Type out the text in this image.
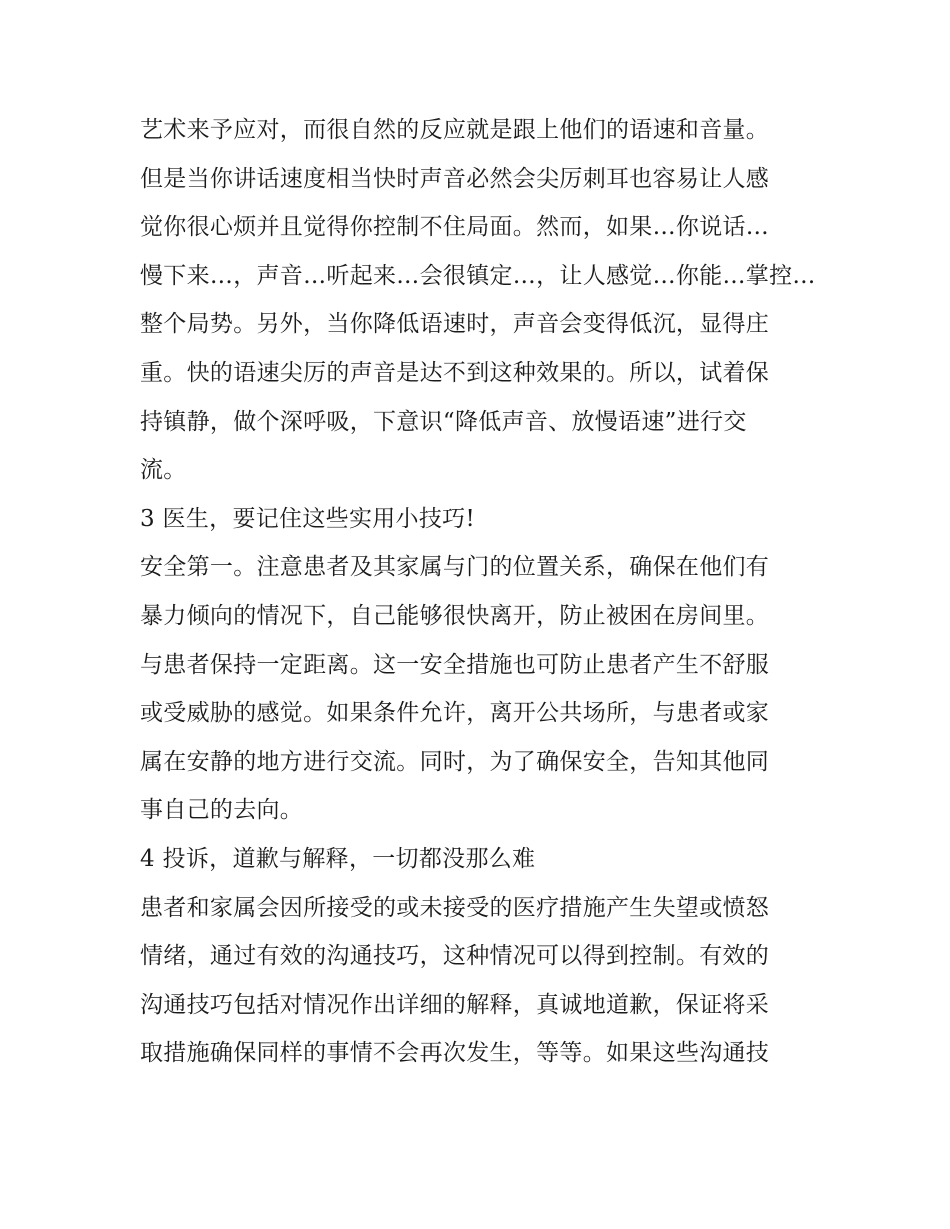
艺术来予应对，而很自然的反应就是跟上他们的语速和音量。
但是当你讲话速度相当快时声音必然会尖厉刺耳也容易让人感
觉你很心烦并且觉得你控制不住局面。然而，如果…你说话…
慢下来…，声音…听起来…会很镇定…，让人感觉…你能…掌控…
整个局势。另外，当你降低语速时，声音会变得低沉，显得庄
重。快的语速尖厉的声音是达不到这种效果的。所以，试着保
持镇静，做个深呼吸，下意识“降低声音、放慢语速”进行交
流。
3 医生，要记住这些实用小技巧!
安全第一。注意患者及其家属与门的位置关系，确保在他们有
暴力倾向的情况下，自己能够很快离开，防止被困在房间里。
与患者保持一定距离。这一安全措施也可防止患者产生不舒服
或受威胁的感觉。如果条件允许，离开公共场所，与患者或家
属在安静的地方进行交流。同时，为了确保安全，告知其他同
事自己的去向。
4 投诉，道歉与解释，一切都没那么难
患者和家属会因所接受的或未接受的医疗措施产生失望或愤怒
情绪，通过有效的沟通技巧，这种情况可以得到控制。有效的
沟通技巧包括对情况作出详细的解释，真诚地道歉，保证将采
取措施确保同样的事情不会再次发生，等等。如果这些沟通技
